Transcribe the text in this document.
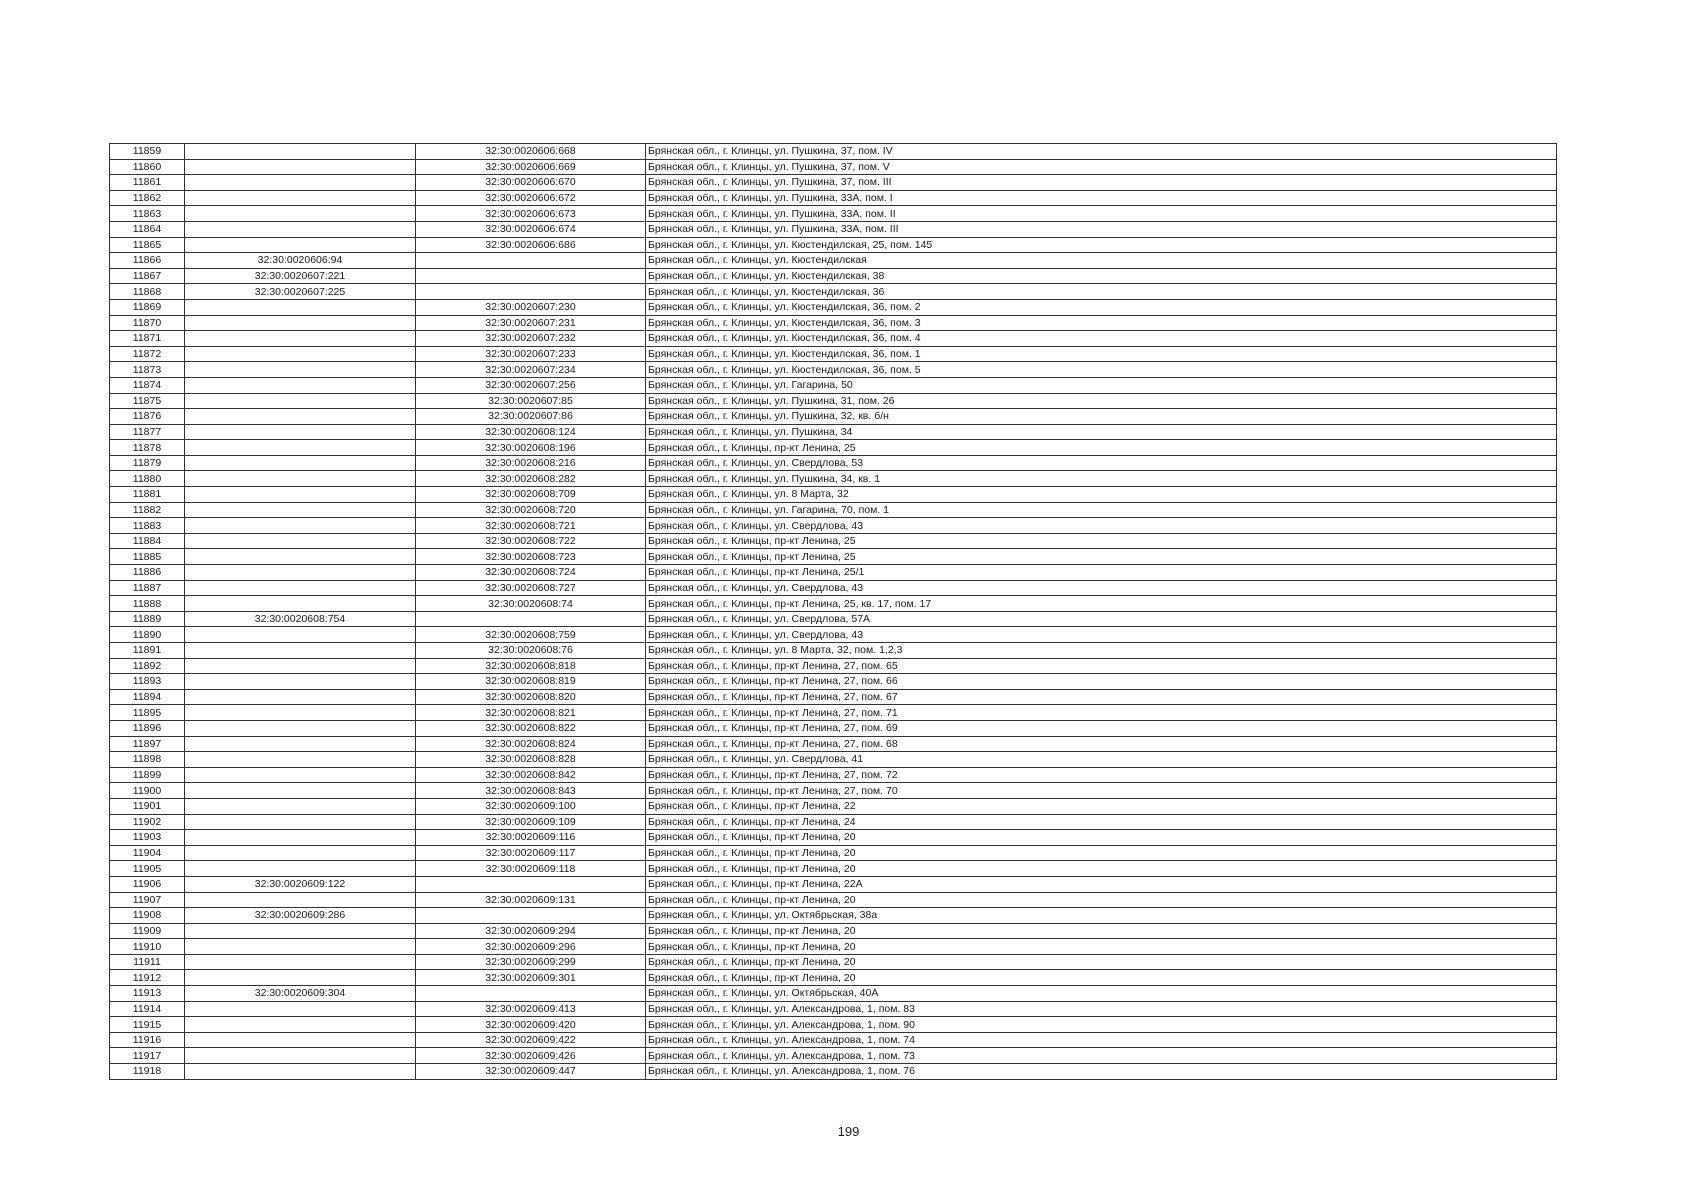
11859		32:30:0020606:668	Брянская обл., г. Клинцы, ул. Пушкина, 37, пом. IV
11860		32:30:0020606:669	Брянская обл., г. Клинцы, ул. Пушкина, 37, пом. V
11861		32:30:0020606:670	Брянская обл., г. Клинцы, ул. Пушкина, 37, пом. III
11862		32:30:0020606:672	Брянская обл., г. Клинцы, ул. Пушкина, 33А, пом. I
11863		32:30:0020606:673	Брянская обл., г. Клинцы, ул. Пушкина, 33А, пом. II
11864		32:30:0020606:674	Брянская обл., г. Клинцы, ул. Пушкина, 33А, пом. III
11865		32:30:0020606:686	Брянская обл., г. Клинцы, ул. Кюстендилская, 25, пом. 145
11866	32:30:0020606:94		Брянская обл., г. Клинцы, ул. Кюстендилская
11867	32:30:0020607:221		Брянская обл., г. Клинцы, ул. Кюстендилская, 38
11868	32:30:0020607:225		Брянская обл., г. Клинцы, ул. Кюстендилская, 36
11869		32:30:0020607:230	Брянская обл., г. Клинцы, ул. Кюстендилская, 36, пом. 2
11870		32:30:0020607:231	Брянская обл., г. Клинцы, ул. Кюстендилская, 36, пом. 3
11871		32:30:0020607:232	Брянская обл., г. Клинцы, ул. Кюстендилская, 36, пом. 4
11872		32:30:0020607:233	Брянская обл., г. Клинцы, ул. Кюстендилская, 36, пом. 1
11873		32:30:0020607:234	Брянская обл., г. Клинцы, ул. Кюстендилская, 36, пом. 5
11874		32:30:0020607:256	Брянская обл., г. Клинцы, ул. Гагарина, 50
11875		32:30:0020607:85	Брянская обл., г. Клинцы, ул. Пушкина, 31, пом. 26
11876		32:30:0020607:86	Брянская обл., г. Клинцы, ул. Пушкина, 32, кв. б/н
11877		32:30:0020608:124	Брянская обл., г. Клинцы, ул. Пушкина, 34
11878		32:30:0020608:196	Брянская обл., г. Клинцы, пр-кт Ленина, 25
11879		32:30:0020608:216	Брянская обл., г. Клинцы, ул. Свердлова, 53
11880		32:30:0020608:282	Брянская обл., г. Клинцы, ул. Пушкина, 34, кв. 1
11881		32:30:0020608:709	Брянская обл., г. Клинцы, ул. 8 Марта, 32
11882		32:30:0020608:720	Брянская обл., г. Клинцы, ул. Гагарина, 70, пом. 1
11883		32:30:0020608:721	Брянская обл., г. Клинцы, ул. Свердлова, 43
11884		32:30:0020608:722	Брянская обл., г. Клинцы, пр-кт Ленина, 25
11885		32:30:0020608:723	Брянская обл., г. Клинцы, пр-кт Ленина, 25
11886		32:30:0020608:724	Брянская обл., г. Клинцы, пр-кт Ленина, 25/1
11887		32:30:0020608:727	Брянская обл., г. Клинцы, ул. Свердлова, 43
11888		32:30:0020608:74	Брянская обл., г. Клинцы, пр-кт Ленина, 25, кв. 17, пом. 17
11889	32:30:0020608:754		Брянская обл., г. Клинцы, ул. Свердлова, 57А
11890		32:30:0020608:759	Брянская обл., г. Клинцы, ул. Свердлова, 43
11891		32:30:0020608:76	Брянская обл., г. Клинцы, ул. 8 Марта, 32, пом. 1,2,3
11892		32:30:0020608:818	Брянская обл., г. Клинцы, пр-кт Ленина, 27, пом. 65
11893		32:30:0020608:819	Брянская обл., г. Клинцы, пр-кт Ленина, 27, пом. 66
11894		32:30:0020608:820	Брянская обл., г. Клинцы, пр-кт Ленина, 27, пом. 67
11895		32:30:0020608:821	Брянская обл., г. Клинцы, пр-кт Ленина, 27, пом. 71
11896		32:30:0020608:822	Брянская обл., г. Клинцы, пр-кт Ленина, 27, пом. 69
11897		32:30:0020608:824	Брянская обл., г. Клинцы, пр-кт Ленина, 27, пом. 68
11898		32:30:0020608:828	Брянская обл., г. Клинцы, ул. Свердлова, 41
11899		32:30:0020608:842	Брянская обл., г. Клинцы, пр-кт Ленина, 27, пом. 72
11900		32:30:0020608:843	Брянская обл., г. Клинцы, пр-кт Ленина, 27, пом. 70
11901		32:30:0020609:100	Брянская обл., г. Клинцы, пр-кт Ленина, 22
11902		32:30:0020609:109	Брянская обл., г. Клинцы, пр-кт Ленина, 24
11903		32:30:0020609:116	Брянская обл., г. Клинцы, пр-кт Ленина, 20
11904		32:30:0020609:117	Брянская обл., г. Клинцы, пр-кт Ленина, 20
11905		32:30:0020609:118	Брянская обл., г. Клинцы, пр-кт Ленина, 20
11906	32:30:0020609:122		Брянская обл., г. Клинцы, пр-кт Ленина, 22А
11907		32:30:0020609:131	Брянская обл., г. Клинцы, пр-кт Ленина, 20
11908	32:30:0020609:286		Брянская обл., г. Клинцы, ул. Октябрьская, 38а
11909		32:30:0020609:294	Брянская обл., г. Клинцы, пр-кт Ленина, 20
11910		32:30:0020609:296	Брянская обл., г. Клинцы, пр-кт Ленина, 20
11911		32:30:0020609:299	Брянская обл., г. Клинцы, пр-кт Ленина, 20
11912		32:30:0020609:301	Брянская обл., г. Клинцы, пр-кт Ленина, 20
11913	32:30:0020609:304		Брянская обл., г. Клинцы, ул. Октябрьская, 40А
11914		32:30:0020609:413	Брянская обл., г. Клинцы, ул. Александрова, 1, пом. 83
11915		32:30:0020609:420	Брянская обл., г. Клинцы, ул. Александрова, 1, пом. 90
11916		32:30:0020609:422	Брянская обл., г. Клинцы, ул. Александрова, 1, пом. 74
11917		32:30:0020609:426	Брянская обл., г. Клинцы, ул. Александрова, 1, пом. 73
11918		32:30:0020609:447	Брянская обл., г. Клинцы, ул. Александрова, 1, пом. 76
199
